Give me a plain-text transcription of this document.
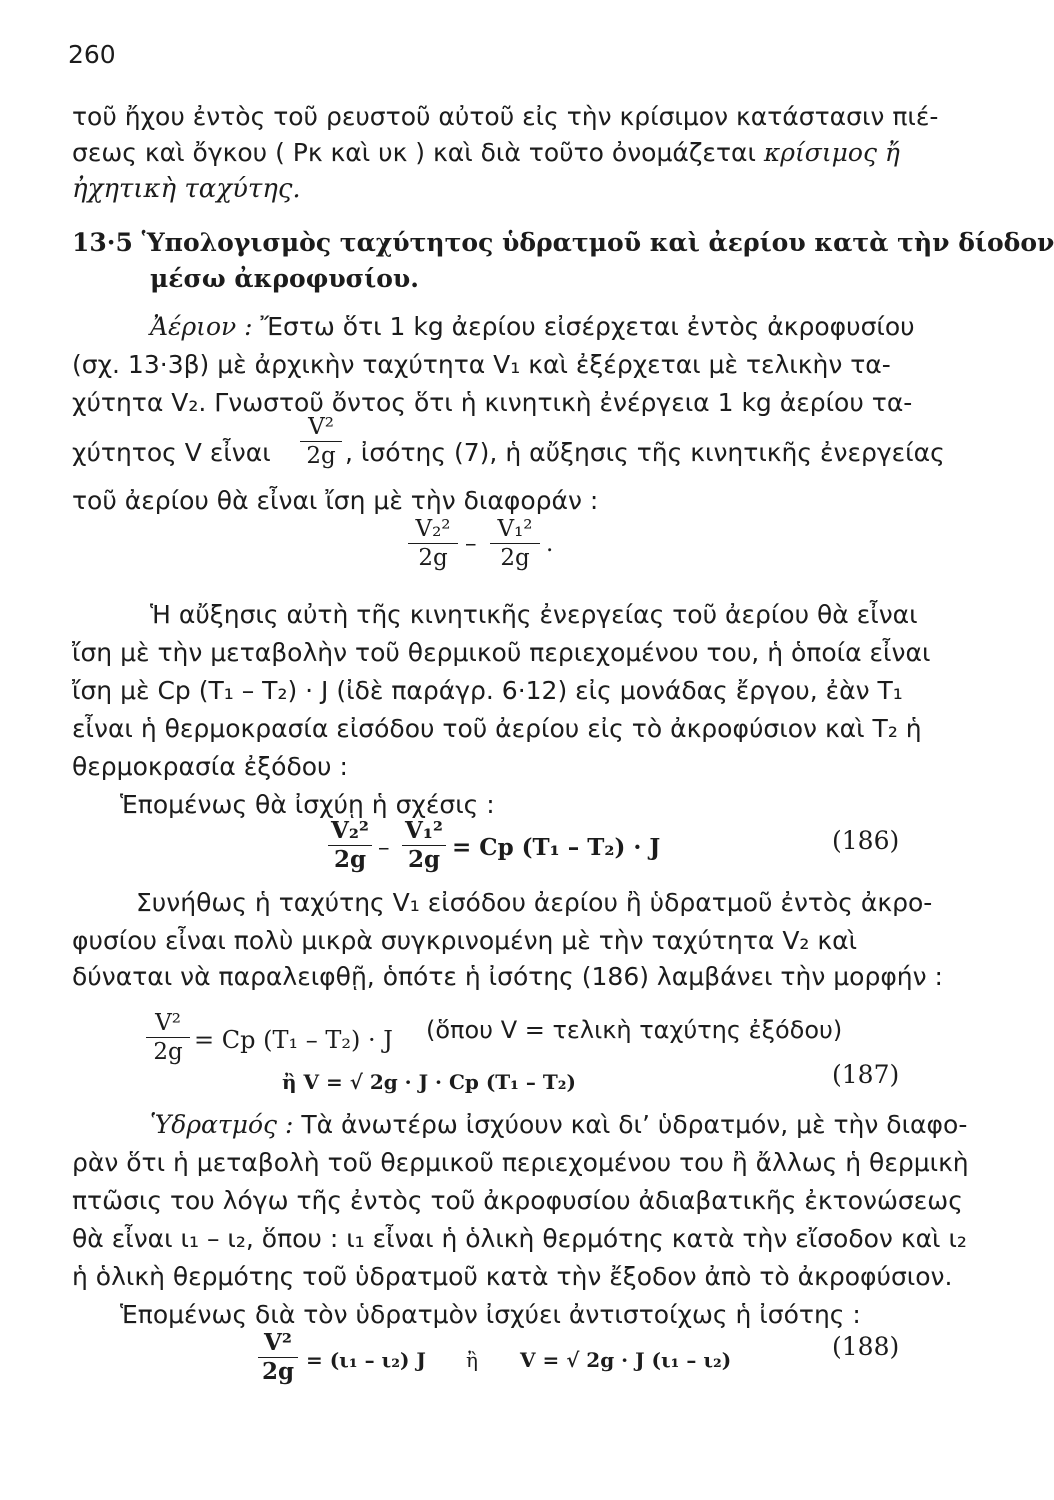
260
τοῦ ἤχου ἐντὸς τοῦ ρευστοῦ αὐτοῦ εἰς τὴν κρίσιμον κατάστασιν πιέ-
σεως καὶ ὄγκου ( Pκ καὶ υκ ) καὶ διὰ τοῦτο ὀνομάζεται κρίσιμος ἤ
ἠχητικὴ ταχύτης.
13·5 Ὑπολογισμὸς ταχύτητος ὑδρατμοῦ καὶ ἀερίου κατὰ τὴν δίοδον
μέσω ἀκροφυσίου.
Ἀέριον : Ἔστω ὅτι 1 kg ἀερίου εἰσέρχεται ἐντὸς ἀκροφυσίου
(σχ. 13·3β) μὲ ἀρχικὴν ταχύτητα V₁ καὶ ἐξέρχεται μὲ τελικὴν τα-
χύτητα V₂. Γνωστοῦ ὄντος ὅτι ἡ κινητικὴ ἐνέργεια 1 kg ἀερίου τα-
χύτητος V εἶναι
V²
2g , ἰσότης (7), ἡ αὔξησις τῆς κινητικῆς ἐνεργείας
τοῦ ἀερίου θὰ εἶναι ἴση μὲ τὴν διαφοράν :
V₂²
2g
–
V₁²
2g
.
Ἡ αὔξησις αὐτὴ τῆς κινητικῆς ἐνεργείας τοῦ ἀερίου θὰ εἶναι
ἴση μὲ τὴν μεταβολὴν τοῦ θερμικοῦ περιεχομένου του, ἡ ὁποία εἶναι
ἴση μὲ Cp (T₁ – T₂) · J (ἰδὲ παράγρ. 6·12) εἰς μονάδας ἔργου, ἐὰν T₁
εἶναι ἡ θερμοκρασία εἰσόδου τοῦ ἀερίου εἰς τὸ ἀκροφύσιον καὶ T₂ ἡ
θερμοκρασία ἐξόδου :
Ἑπομένως θὰ ἰσχύῃ ἡ σχέσις :
V₂²
2g –
V₁²
2g = Cp (T₁ – T₂) · J	(186)
Συνήθως ἡ ταχύτης V₁ εἰσόδου ἀερίου ἢ ὑδρατμοῦ ἐντὸς ἀκρο-
φυσίου εἶναι πολὺ μικρὰ συγκρινομένη μὲ τὴν ταχύτητα V₂ καὶ
δύναται νὰ παραλειφθῇ, ὁπότε ἡ ἰσότης (186) λαμβάνει τὴν μορφήν :
V²
2g = Cp (T₁ – T₂) · J (ὅπου V = τελικὴ ταχύτης ἐξόδου)
ἢ V = √ 2g · J · Cp (T₁ – T₂)	(187)
Ὑδρατμός : Τὰ ἀνωτέρω ἰσχύουν καὶ δι’ ὑδρατμόν, μὲ τὴν διαφο-
ρὰν ὅτι ἡ μεταβολὴ τοῦ θερμικοῦ περιεχομένου του ἢ ἄλλως ἡ θερμικὴ
πτῶσις του λόγω τῆς ἐντὸς τοῦ ἀκροφυσίου ἀδιαβατικῆς ἐκτονώσεως
θὰ εἶναι ι₁ – ι₂, ὅπου : ι₁ εἶναι ἡ ὁλικὴ θερμότης κατὰ τὴν εἴσοδον καὶ ι₂
ἡ ὁλικὴ θερμότης τοῦ ὑδρατμοῦ κατὰ τὴν ἔξοδον ἀπὸ τὸ ἀκροφύσιον.
Ἑπομένως διὰ τὸν ὑδρατμὸν ἰσχύει ἀντιστοίχως ἡ ἰσότης :
V²
2g = (ι₁ – ι₂) J ἢ V = √ 2g · J (ι₁ – ι₂)	(188)
